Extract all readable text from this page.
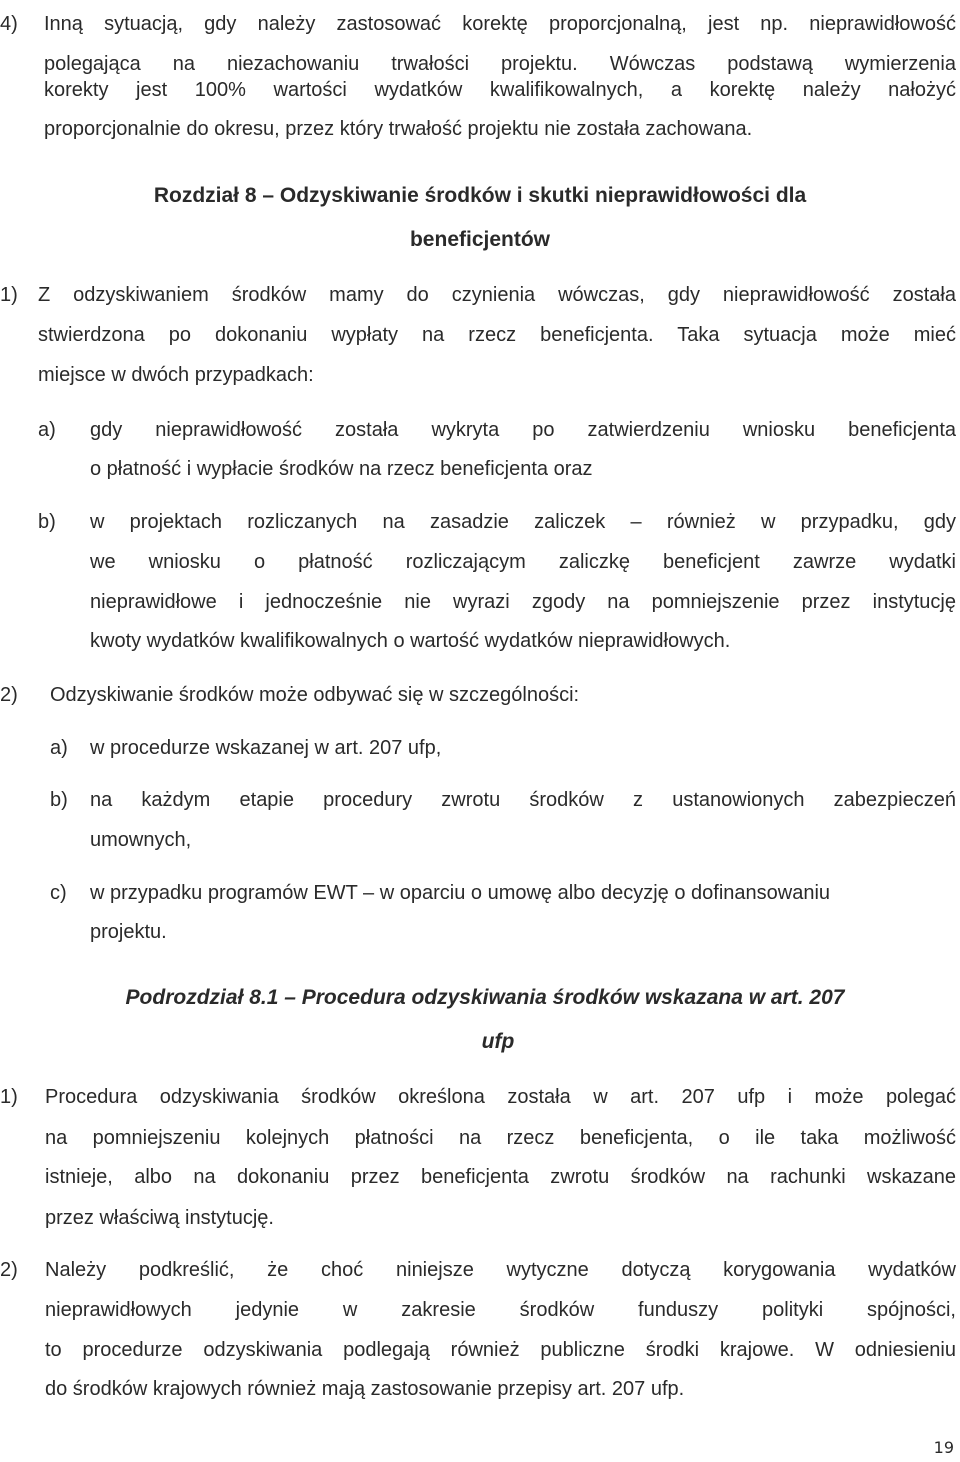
4) Inną sytuacją, gdy należy zastosować korektę proporcjonalną, jest np. nieprawidłowość
polegająca na niezachowaniu trwałości projektu. Wówczas podstawą wymierzenia
korekty jest 100% wartości wydatków kwalifikowalnych, a korektę należy nałożyć
proporcjonalnie do okresu, przez który trwałość projektu nie została zachowana.
Rozdział 8 – Odzyskiwanie środków i skutki nieprawidłowości dla
beneficjentów
1) Z odzyskiwaniem środków mamy do czynienia wówczas, gdy nieprawidłowość została
stwierdzona po dokonaniu wypłaty na rzecz beneficjenta. Taka sytuacja może mieć
miejsce w dwóch przypadkach:
a) gdy nieprawidłowość została wykryta po zatwierdzeniu wniosku beneficjenta
o płatność i wypłacie środków na rzecz beneficjenta oraz
b) w projektach rozliczanych na zasadzie zaliczek – również w przypadku, gdy
we wniosku o płatność rozliczającym zaliczkę beneficjent zawrze wydatki
nieprawidłowe i jednocześnie nie wyrazi zgody na pomniejszenie przez instytucję
kwoty wydatków kwalifikowalnych o wartość wydatków nieprawidłowych.
2) Odzyskiwanie środków może odbywać się w szczególności:
a) w procedurze wskazanej w art. 207 ufp,
b) na każdym etapie procedury zwrotu środków z ustanowionych zabezpieczeń
umownych,
c) w przypadku programów EWT – w oparciu o umowę albo decyzję o dofinansowaniu
projektu.
Podrozdział 8.1 – Procedura odzyskiwania środków wskazana w art. 207
ufp
1) Procedura odzyskiwania środków określona została w art. 207 ufp i może polegać
na pomniejszeniu kolejnych płatności na rzecz beneficjenta, o ile taka możliwość
istnieje, albo na dokonaniu przez beneficjenta zwrotu środków na rachunki wskazane
przez właściwą instytucję.
2) Należy podkreślić, że choć niniejsze wytyczne dotyczą korygowania wydatków
nieprawidłowych jedynie w zakresie środków funduszy polityki spójności,
to procedurze odzyskiwania podlegają również publiczne środki krajowe. W odniesieniu
do środków krajowych również mają zastosowanie przepisy art. 207 ufp.
19
